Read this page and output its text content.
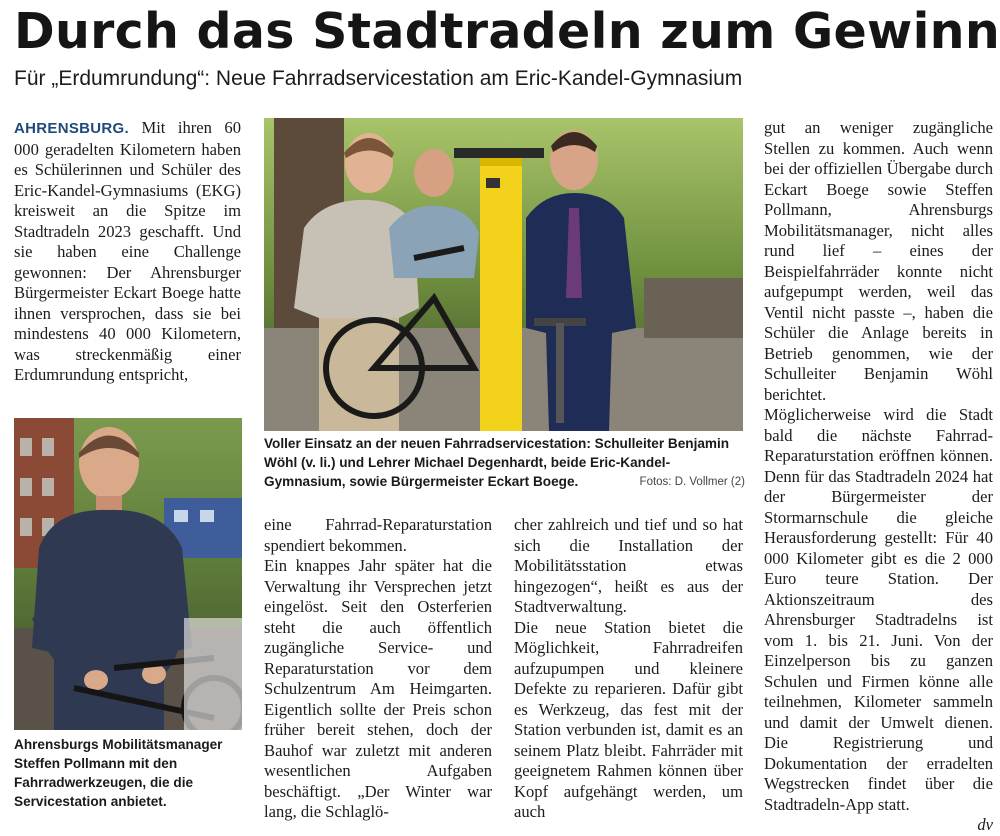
Durch das Stadtradeln zum Gewinn
Für „Erdumrundung“: Neue Fahrradservicestation am Eric-Kandel-Gymnasium

AHRENSBURG. Mit ihren 60 000 geradelten Kilometern haben es Schülerinnen und Schüler des Eric-Kandel-Gymnasiums (EKG) kreisweit an die Spitze im Stadtradeln 2023 geschafft. Und sie haben eine Challenge gewonnen: Der Ahrensburger Bürgermeister Eckart Boege hatte ihnen versprochen, dass sie bei mindestens 40 000 Kilometern, was streckenmäßig einer Erdumrundung entspricht,

Ahrensburgs Mobilitätsmanager Steffen Pollmann mit den Fahrradwerkzeugen, die die Servicestation anbietet.
Voller Einsatz an der neuen Fahrradservicestation: Schulleiter Benjamin Wöhl (v. li.) und Lehrer Michael Degenhardt, beide Eric-Kandel-Gymnasium, sowie Bürgermeister Eckart Boege.	Fotos: D. Vollmer (2)

eine Fahrrad-Reparaturstation spendiert bekommen.

Ein knappes Jahr später hat die Verwaltung ihr Versprechen jetzt eingelöst. Seit den Osterferien steht die auch öffentlich zugängliche Service- und Reparaturstation vor dem Schulzentrum Am Heimgarten. Eigentlich sollte der Preis schon früher bereit stehen, doch der Bauhof war zuletzt mit anderen wesentlichen Aufgaben beschäftigt. „Der Winter war lang, die Schlaglö-

cher zahlreich und tief und so hat sich die Installation der Mobilitätsstation etwas hingezogen“, heißt es aus der Stadtverwaltung.

Die neue Station bietet die Möglichkeit, Fahrradreifen aufzupumpen und kleinere Defekte zu reparieren. Dafür gibt es Werkzeug, das fest mit der Station verbunden ist, damit es an seinem Platz bleibt. Fahrräder mit geeignetem Rahmen können über Kopf aufgehängt werden, um auch

gut an weniger zugängliche Stellen zu kommen. Auch wenn bei der offiziellen Übergabe durch Eckart Boege sowie Steffen Pollmann, Ahrensburgs Mobilitätsmanager, nicht alles rund lief – eines der Beispielfahrräder konnte nicht aufgepumpt werden, weil das Ventil nicht passte –, haben die Schüler die Anlage bereits in Betrieb genommen, wie der Schulleiter Benjamin Wöhl berichtet.

Möglicherweise wird die Stadt bald die nächste Fahrrad-Reparaturstation eröffnen können. Denn für das Stadtradeln 2024 hat der Bürgermeister der Stormarnschule die gleiche Herausforderung gestellt: Für 40 000 Kilometer gibt es die 2 000 Euro teure Station. Der Aktionszeitraum des Ahrensburger Stadtradelns ist vom 1. bis 21. Juni. Von der Einzelperson bis zu ganzen Schulen und Firmen könne alle teilnehmen, Kilometer sammeln und damit der Umwelt dienen. Die Registrierung und Dokumentation der erradelten Wegstrecken findet über die Stadtradeln-App statt.

dv
